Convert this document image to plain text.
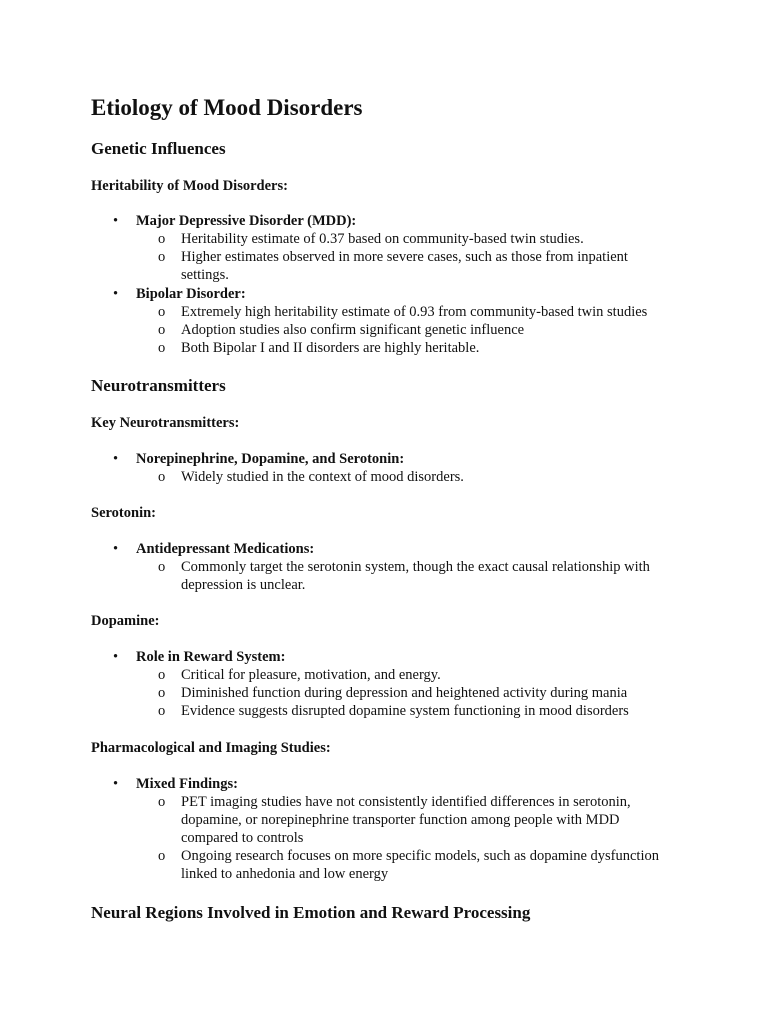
Etiology of Mood Disorders
Genetic Influences
Heritability of Mood Disorders:
• Major Depressive Disorder (MDD):
o Heritability estimate of 0.37 based on community-based twin studies.
o Higher estimates observed in more severe cases, such as those from inpatient settings.
• Bipolar Disorder:
o Extremely high heritability estimate of 0.93 from community-based twin studies
o Adoption studies also confirm significant genetic influence
o Both Bipolar I and II disorders are highly heritable.
Neurotransmitters
Key Neurotransmitters:
• Norepinephrine, Dopamine, and Serotonin:
o Widely studied in the context of mood disorders.
Serotonin:
• Antidepressant Medications:
o Commonly target the serotonin system, though the exact causal relationship with depression is unclear.
Dopamine:
• Role in Reward System:
o Critical for pleasure, motivation, and energy.
o Diminished function during depression and heightened activity during mania
o Evidence suggests disrupted dopamine system functioning in mood disorders
Pharmacological and Imaging Studies:
• Mixed Findings:
o PET imaging studies have not consistently identified differences in serotonin, dopamine, or norepinephrine transporter function among people with MDD compared to controls
o Ongoing research focuses on more specific models, such as dopamine dysfunction linked to anhedonia and low energy
Neural Regions Involved in Emotion and Reward Processing
